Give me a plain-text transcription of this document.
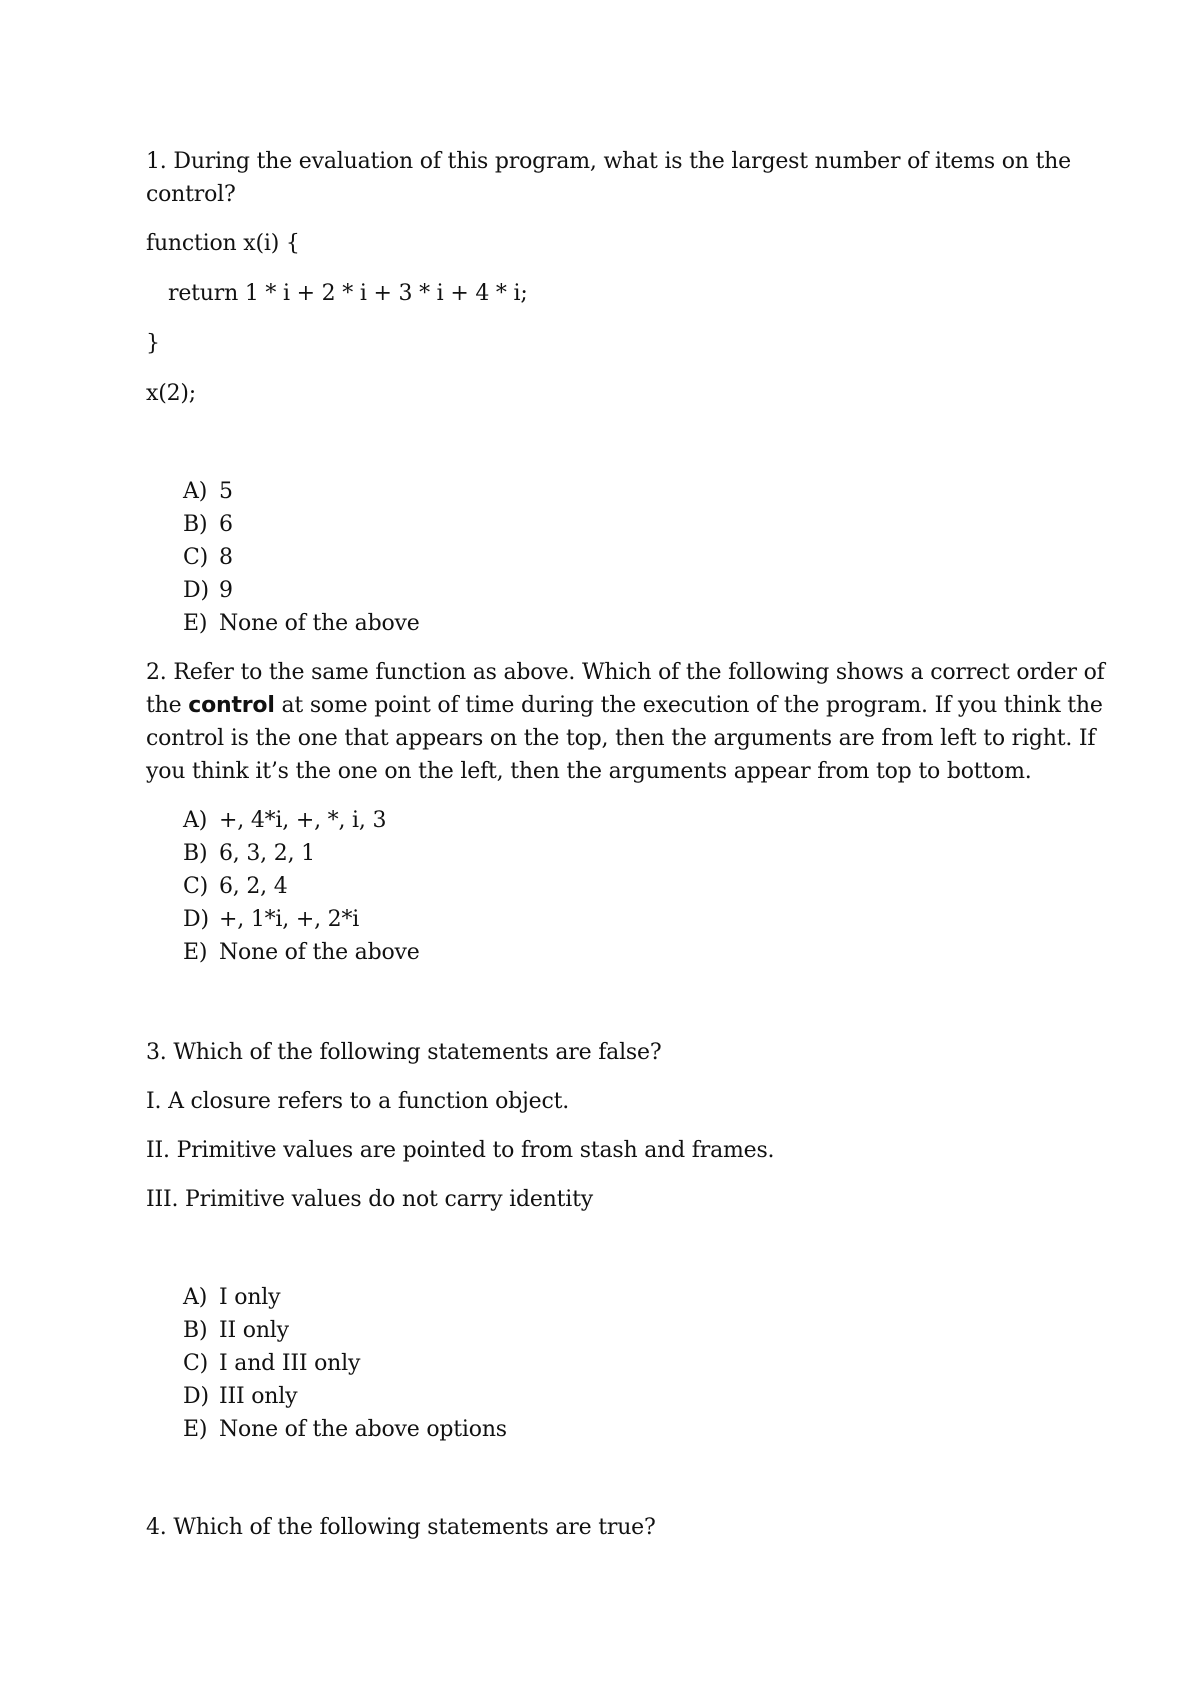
1. During the evaluation of this program, what is the largest number of items on the
control?
function x(i) {
return 1 * i + 2 * i + 3 * i + 4 * i;
}
x(2);
A) 5
B) 6
C) 8
D) 9
E) None of the above
2. Refer to the same function as above. Which of the following shows a correct order of
the control at some point of time during the execution of the program. If you think the
control is the one that appears on the top, then the arguments are from left to right. If
you think it’s the one on the left, then the arguments appear from top to bottom.
A) +, 4*i, +, *, i, 3
B) 6, 3, 2, 1
C) 6, 2, 4
D) +, 1*i, +, 2*i
E) None of the above
3. Which of the following statements are false?
I. A closure refers to a function object.
II. Primitive values are pointed to from stash and frames.
III. Primitive values do not carry identity
A) I only
B) II only
C) I and III only
D) III only
E) None of the above options
4. Which of the following statements are true?
